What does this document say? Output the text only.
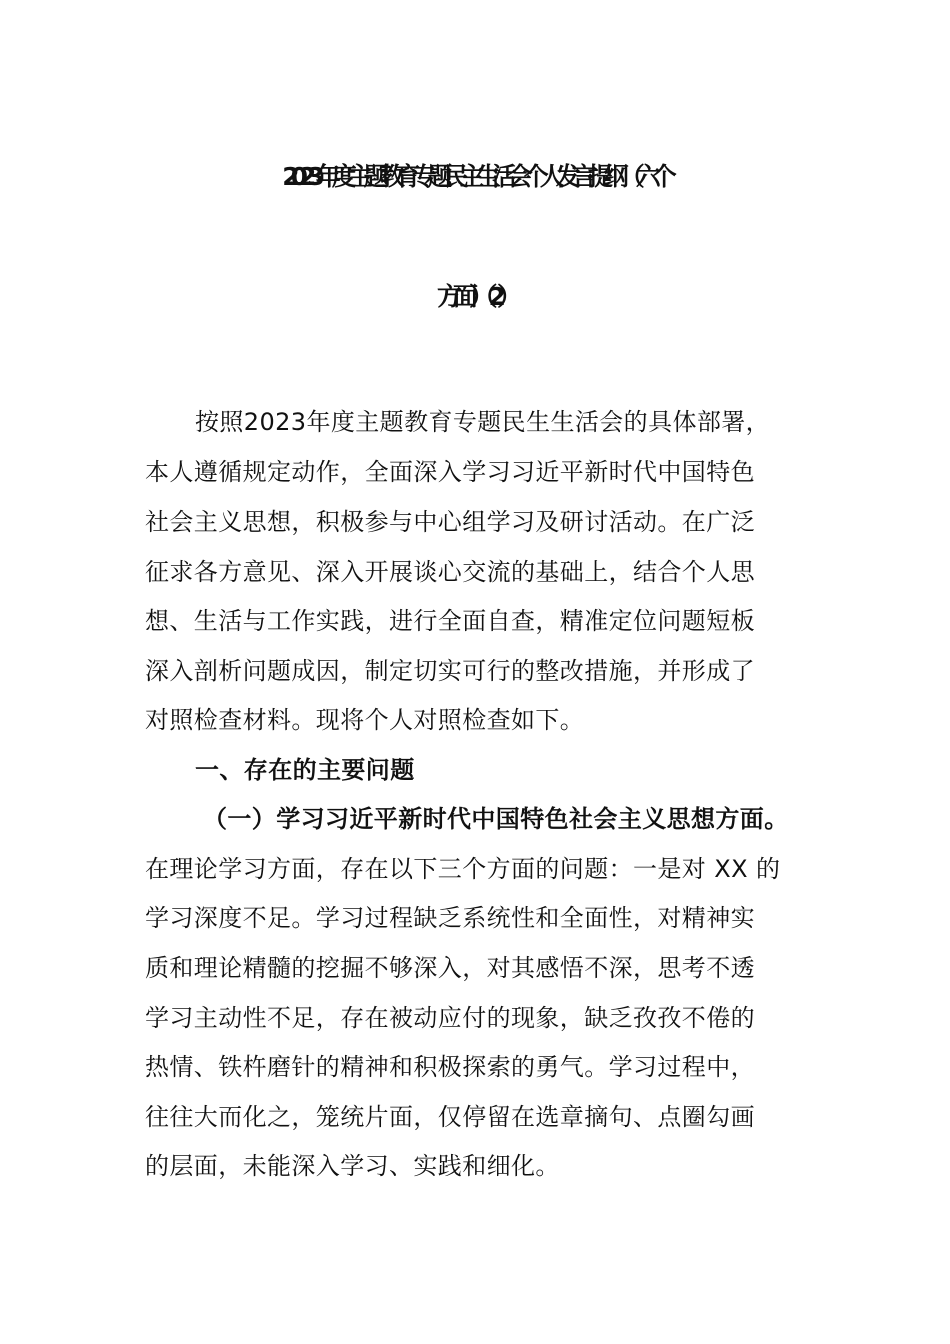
2023年度主题教育专题民主生活会个人发言提纲（六个
方面）（2）

按照2023年度主题教育专题民生生活会的具体部署，

本人遵循规定动作，全面深入学习习近平新时代中国特色

社会主义思想，积极参与中心组学习及研讨活动。在广泛

征求各方意见、深入开展谈心交流的基础上，结合个人思

想、生活与工作实践，进行全面自查，精准定位问题短板

深入剖析问题成因，制定切实可行的整改措施，并形成了

对照检查材料。现将个人对照检查如下。

一、存在的主要问题

（一）学习习近平新时代中国特色社会主义思想方面。

在理论学习方面，存在以下三个方面的问题：一是对 XX 的

学习深度不足。学习过程缺乏系统性和全面性，对精神实

质和理论精髓的挖掘不够深入，对其感悟不深，思考不透

学习主动性不足，存在被动应付的现象，缺乏孜孜不倦的

热情、铁杵磨针的精神和积极探索的勇气。学习过程中，

往往大而化之，笼统片面，仅停留在选章摘句、点圈勾画

的层面，未能深入学习、实践和细化。
